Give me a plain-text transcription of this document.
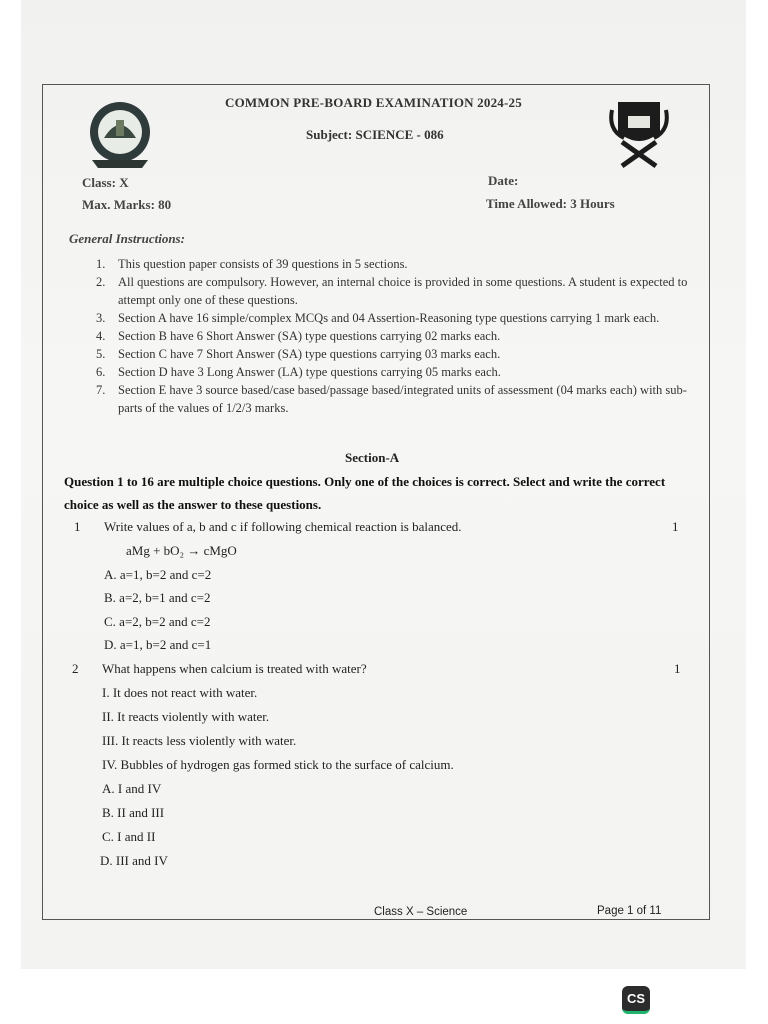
COMMON PRE-BOARD EXAMINATION 2024-25
Subject: SCIENCE - 086
Class: X
Max. Marks: 80
Date:
Time Allowed: 3 Hours
General Instructions:
1.	This question paper consists of 39 questions in 5 sections.
2.	All questions are compulsory. However, an internal choice is provided in some questions. A student is expected to attempt only one of these questions.
3.	Section A have 16 simple/complex MCQs and 04 Assertion-Reasoning type questions carrying 1 mark each.
4.	Section B have 6 Short Answer (SA) type questions carrying 02 marks each.
5.	Section C have 7 Short Answer (SA) type questions carrying 03 marks each.
6.	Section D have 3 Long Answer (LA) type questions carrying 05 marks each.
7.	Section E have 3 source based/case based/passage based/integrated units of assessment (04 marks each) with sub-parts of the values of 1/2/3 marks.
Section-A
Question 1 to 16 are multiple choice questions. Only one of the choices is correct. Select and write the correct choice as well as the answer to these questions.
1 Write values of a, b and c if following chemical reaction is balanced.	1
aMg + bO₂ → cMgO
A. a=1, b=2 and c=2
B. a=2, b=1 and c=2
C. a=2, b=2 and c=2
D. a=1, b=2 and c=1
2 What happens when calcium is treated with water?	1
I. It does not react with water.
II. It reacts violently with water.
III. It reacts less violently with water.
IV. Bubbles of hydrogen gas formed stick to the surface of calcium.
A. I and IV
B. II and III
C. I and II
D. III and IV
Class X – Science	Page 1 of 11
CS
